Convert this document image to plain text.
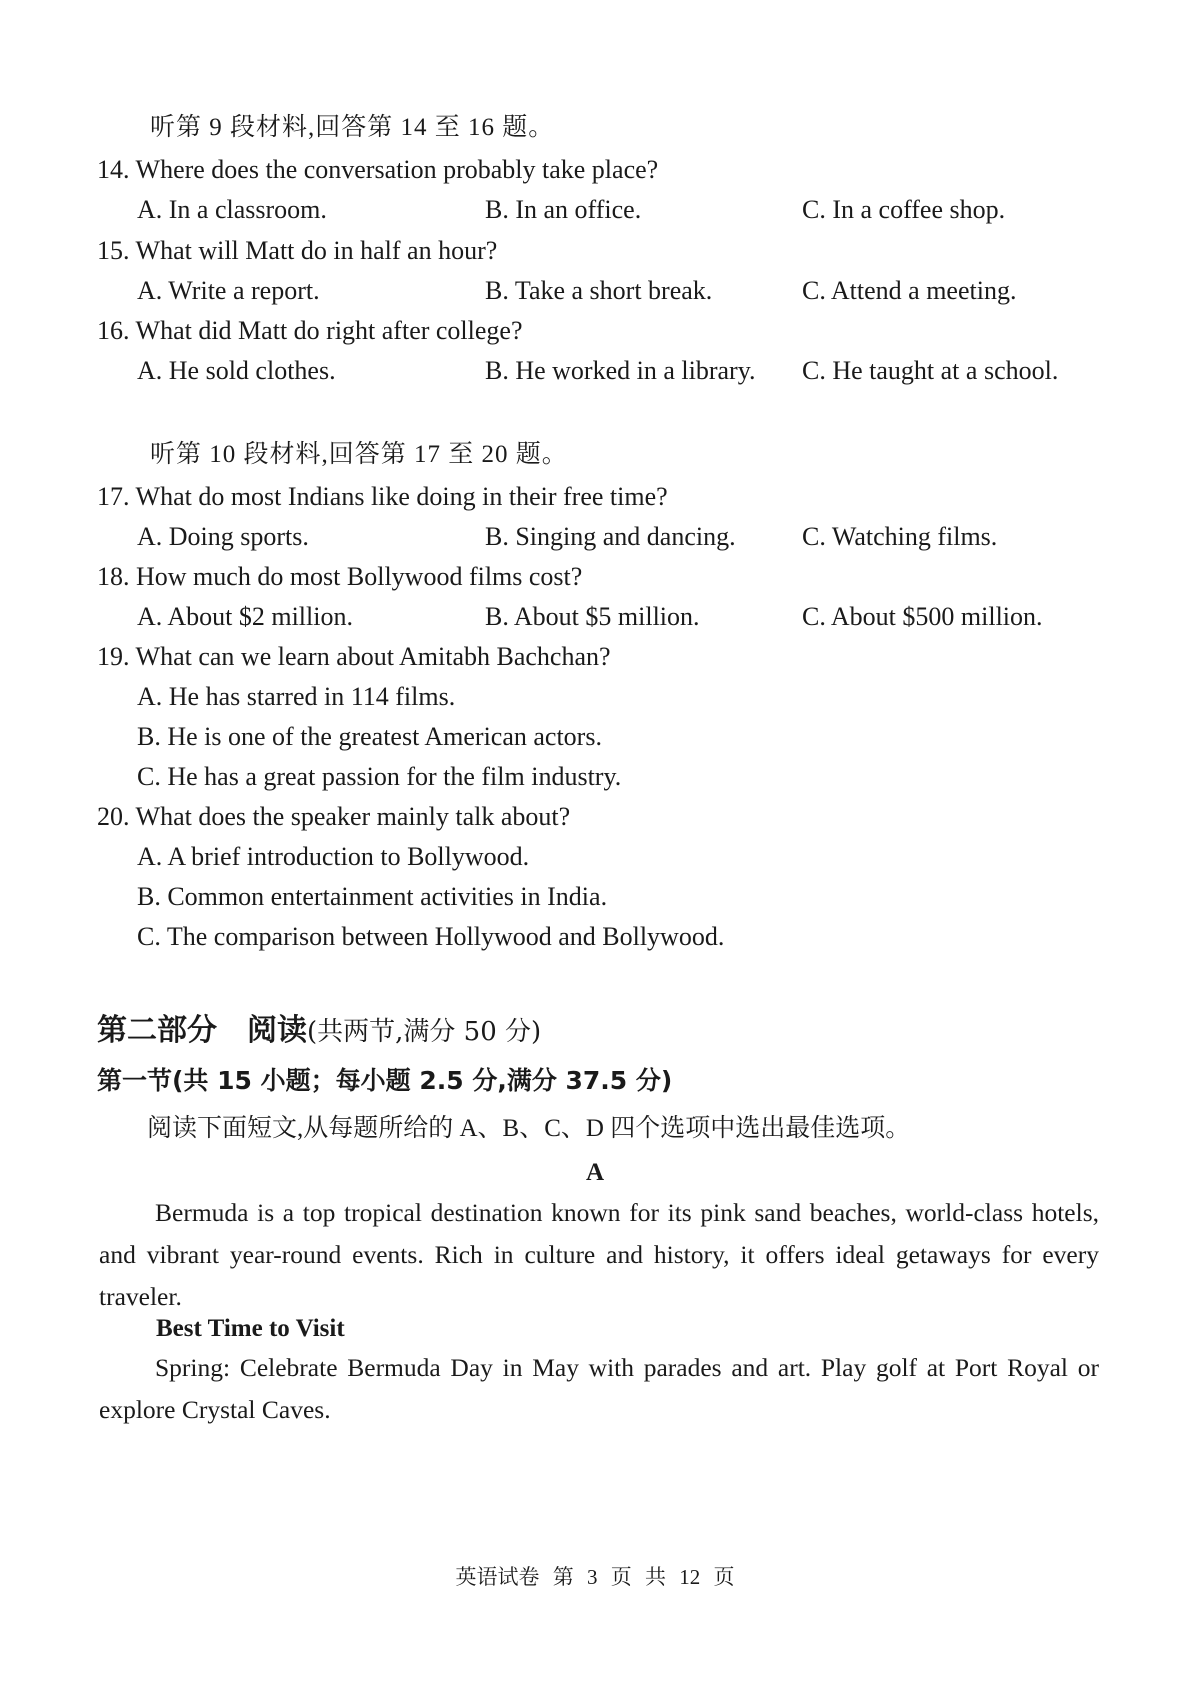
听第 9 段材料,回答第 14 至 16 题。
14. Where does the conversation probably take place?
A. In a classroom.	B. In an office.	C. In a coffee shop.
15. What will Matt do in half an hour?
A. Write a report.	B. Take a short break.	C. Attend a meeting.
16. What did Matt do right after college?
A. He sold clothes.	B. He worked in a library. C. He taught at a school.
听第 10 段材料,回答第 17 至 20 题。
17. What do most Indians like doing in their free time?
A. Doing sports.	B. Singing and dancing.	C. Watching films.
18. How much do most Bollywood films cost?
A. About $2 million.	B. About $5 million.	C. About $500 million.
19. What can we learn about Amitabh Bachchan?
A. He has starred in 114 films.
B. He is one of the greatest American actors.
C. He has a great passion for the film industry.
20. What does the speaker mainly talk about?
A. A brief introduction to Bollywood.
B. Common entertainment activities in India.
C. The comparison between Hollywood and Bollywood.
第二部分　阅读(共两节,满分 50 分)
第一节(共 15 小题；每小题 2.5 分,满分 37.5 分)
阅读下面短文,从每题所给的 A、B、C、D 四个选项中选出最佳选项。
A
Bermuda is a top tropical destination known for its pink sand beaches, world-class hotels, and vibrant year-round events. Rich in culture and history, it offers ideal getaways for every traveler.
Best Time to Visit
Spring: Celebrate Bermuda Day in May with parades and art. Play golf at Port Royal or explore Crystal Caves.
英语试卷 第 3 页 共 12 页
